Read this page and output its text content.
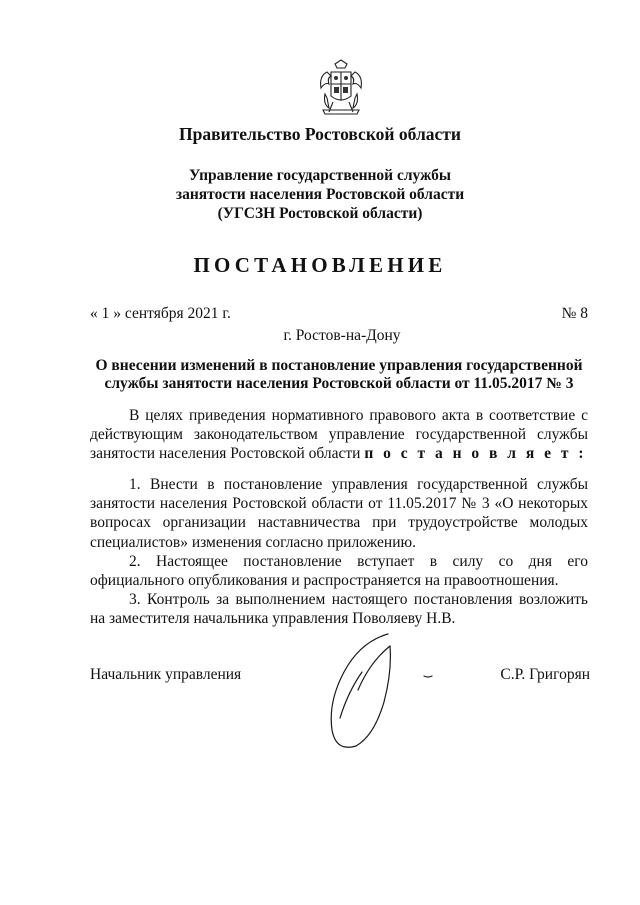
Правительство Ростовской области
Управление государственной службы
занятости населения Ростовской области
(УГСЗН Ростовской области)
ПОСТАНОВЛЕНИЕ
« 1 » сентября 2021 г.	№ 8
г. Ростов-на-Дону
О внесении изменений в постановление управления государственной
службы занятости населения Ростовской области от 11.05.2017 № 3
В целях приведения нормативного правового акта в соответствие с действующим законодательством управление государственной службы занятости населения Ростовской области п о с т а н о в л я е т :
1. Внести в постановление управления государственной службы занятости населения Ростовской области от 11.05.2017 № 3 «О некоторых вопросах организации наставничества при трудоустройстве молодых специалистов» изменения согласно приложению.
2. Настоящее постановление вступает в силу со дня его официального опубликования и распространяется на правоотношения.
3. Контроль за выполнением настоящего постановления возложить на заместителя начальника управления Поволяеву Н.В.
Начальник управления	С.Р. Григорян
